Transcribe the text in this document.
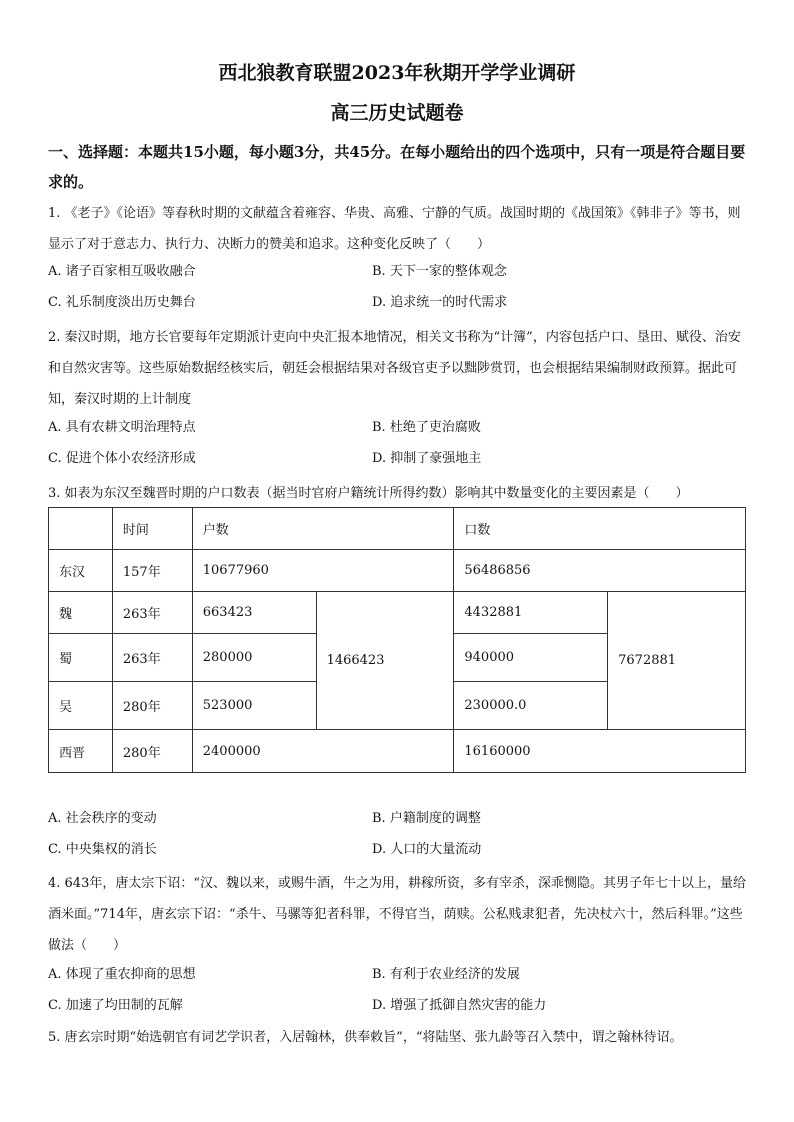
西北狼教育联盟2023年秋期开学学业调研
高三历史试题卷
一、选择题：本题共15小题，每小题3分，共45分。在每小题给出的四个选项中，只有一项是符合题目要求的。
1. 《老子》《论语》等春秋时期的文献蕴含着雍容、华贵、高雅、宁静的气质。战国时期的《战国策》《韩非子》等书，则显示了对于意志力、执行力、决断力的赞美和追求。这种变化反映了（　　）
A. 诸子百家相互吸收融合	B. 天下一家的整体观念
C. 礼乐制度淡出历史舞台	D. 追求统一的时代需求
2. 秦汉时期，地方长官要每年定期派计吏向中央汇报本地情况，相关文书称为“计簿”，内容包括户口、垦田、赋役、治安和自然灾害等。这些原始数据经核实后，朝廷会根据结果对各级官吏予以黜陟赏罚，也会根据结果编制财政预算。据此可知，秦汉时期的上计制度
A. 具有农耕文明治理特点	B. 杜绝了吏治腐败
C. 促进个体小农经济形成	D. 抑制了豪强地主
3. 如表为东汉至魏晋时期的户口数表（据当时官府户籍统计所得约数）影响其中数量变化的主要因素是（　　）
	时间	户数		口数	
东汉	157年	10677960		56486856	
魏	263年	663423	1466423	4432881	7672881
蜀	263年	280000		940000	
吴	280年	523000		230000.0	
西晋	280年	2400000		16160000	
A. 社会秩序的变动	B. 户籍制度的调整
C. 中央集权的消长	D. 人口的大量流动
4. 643年，唐太宗下诏：“汉、魏以来，或赐牛酒，牛之为用，耕稼所资，多有宰杀，深乖恻隐。其男子年七十以上，量给酒米面。”714年，唐玄宗下诏：“杀牛、马骡等犯者科罪，不得官当，荫赎。公私贱隶犯者，先决杖六十，然后科罪。”这些做法（　　）
A. 体现了重农抑商的思想	B. 有利于农业经济的发展
C. 加速了均田制的瓦解	D. 增强了抵御自然灾害的能力
5. 唐玄宗时期“始选朝官有词艺学识者，入居翰林，供奉敕旨”，“将陆坚、张九龄等召入禁中，谓之翰林待诏。
